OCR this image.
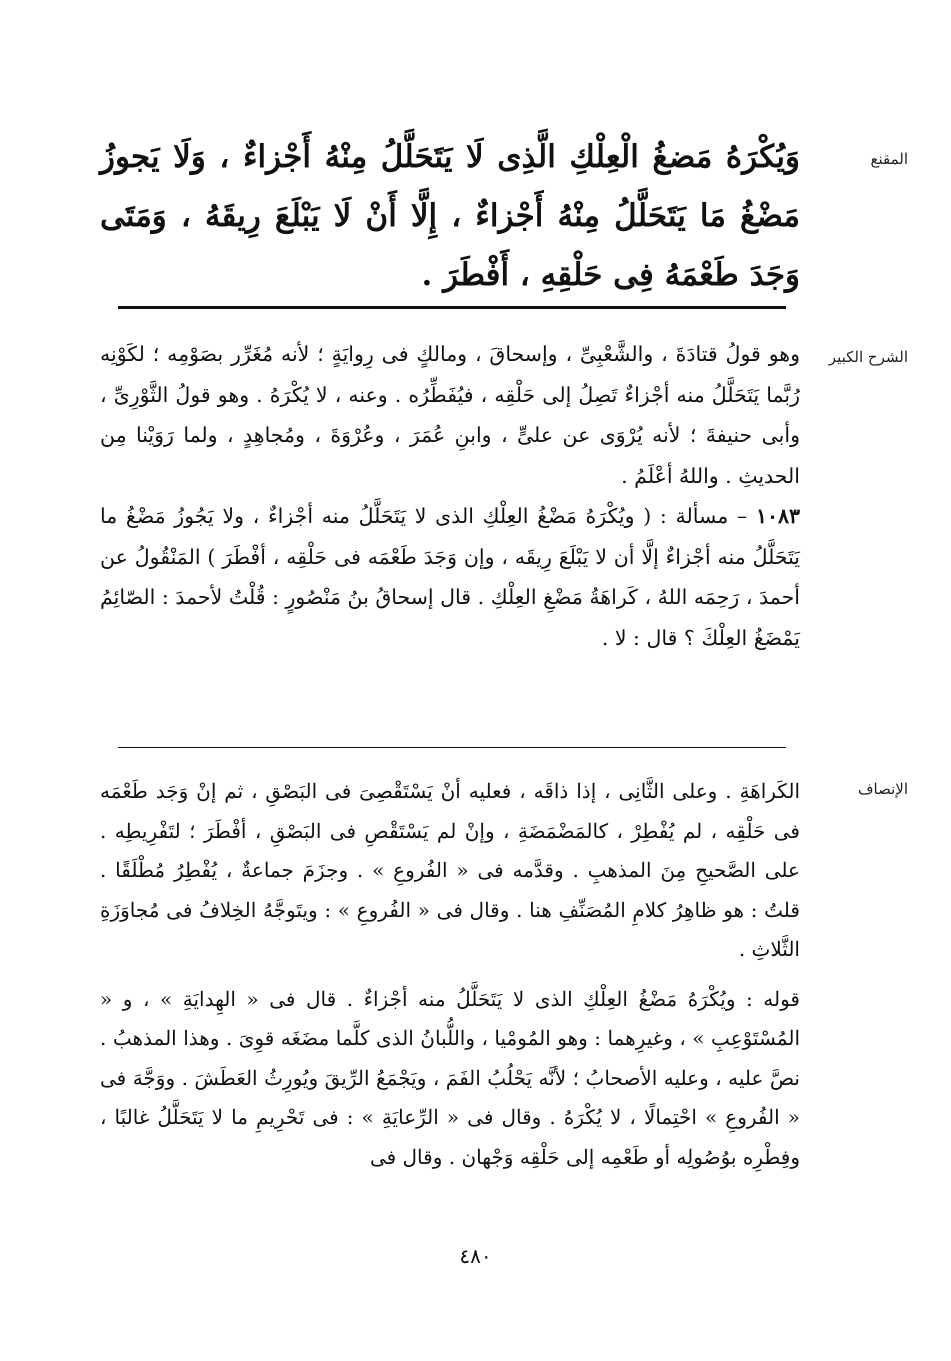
المقنع

وَيُكْرَهُ مَضغُ الْعِلْكِ الَّذِى لَا يَتَحَلَّلُ مِنْهُ أَجْزاءٌ ، وَلَا يَجوزُ مَضْغُ مَا يَتَحَلَّلُ مِنْهُ أَجْزاءٌ ، إِلَّا أَنْ لَا يَبْلَعَ رِيقَهُ ، وَمَتَى وَجَدَ طَعْمَهُ فِى حَلْقِهِ ، أَفْطَرَ .

الشرح الكبير

وهو قولُ قتادَةَ ، والشَّعْبِىِّ ، وإسحاقَ ، ومالكٍ فى رِوايَةٍ ؛ لأنه مُغَرِّر بصَوْمِه ؛ لكَوْنِه رُبَّما يَتَحَلَّلُ منه أجْزاءٌ تَصِلُ إلى حَلْقِه ، فيُفَطِّرُه . وعنه ، لا يُكْرَهُ . وهو قولُ الثَّوْرِىِّ ، وأبى حنيفةَ ؛ لأنه يُرْوَى عن علىٍّ ، وابنِ عُمَرَ ، وعُرْوَةَ ، ومُجاهِدٍ ، ولما رَوَيْنا مِن الحديثِ . واللهُ أعْلَمُ .

١٠٨٣ – مسألة : ( ويُكْرَهُ مَضْغُ العِلْكِ الذى لا يَتَحَلَّلُ منه أجْزاءٌ ، ولا يَجُوزُ مَضْغُ ما يَتَحَلَّلُ منه أجْزاءٌ إلَّا أن لا يَبْلَعَ رِيقَه ، وإن وَجَدَ طَعْمَه فى حَلْقِه ، أفْطَرَ ) المَنْقُولُ عن أحمدَ ، رَحِمَه اللهُ ، كَراهَةُ مَضْغِ العِلْكِ . قال إسحاقُ بنُ مَنْصُورٍ : قُلْتُ لأحمدَ : الصّائِمُ يَمْضَغُ العِلْكَ ؟ قال : لا .

الإنصاف

الكَراهَةِ . وعلى الثَّانِى ، إذا ذاقَه ، فعليه أنْ يَسْتَقْصِىَ فى البَصْقِ ، ثم إنْ وَجَد طَعْمَه فى حَلْقِه ، لم يُفْطِرْ ، كالمَضْمَضَةِ ، وإنْ لم يَسْتَقْصِ فى البَصْقِ ، أفْطَرَ ؛ لتَفْرِيطِه . على الصَّحيحِ مِنَ المذهبِ . وقدَّمه فى « الفُروعِ » . وجزَمَ جماعةٌ ، يُفْطِرُ مُطْلَقًا . قلتُ : هو ظاهِرُ كلامِ المُصَنِّفِ هنا . وقال فى « الفُروعِ » : ويتَوجَّهُ الخِلافُ فى مُجاوَزَةِ الثَّلاثِ .

قوله : ويُكْرَهُ مَضْغُ العِلْكِ الذى لا يَتَحَلَّلُ منه أجْزاءٌ . قال فى « الهِدايَةِ » ، و « المُسْتَوْعِبِ » ، وغيرِهما : وهو المُومْيا ، واللُّبانُ الذى كلَّما مضَغَه قوِىَ . وهذا المذهبُ . نصَّ عليه ، وعليه الأصحابُ ؛ لأنَّه يَحْلُبُ الفَمَ ، ويَجْمَعُ الرِّيقَ ويُورِثُ العَطَشَ . ووَجَّهَ فى « الفُروعِ » احْتِمالًا ، لا يُكْرَهُ . وقال فى « الرِّعايَةِ » : فى تَحْرِيمِ ما لا يَتَحَلَّلُ غالبًا ، وفِطْرِه بوُصُولِه أو طَعْمِه إلى حَلْقِه وَجْهان . وقال فى

٤٨٠
